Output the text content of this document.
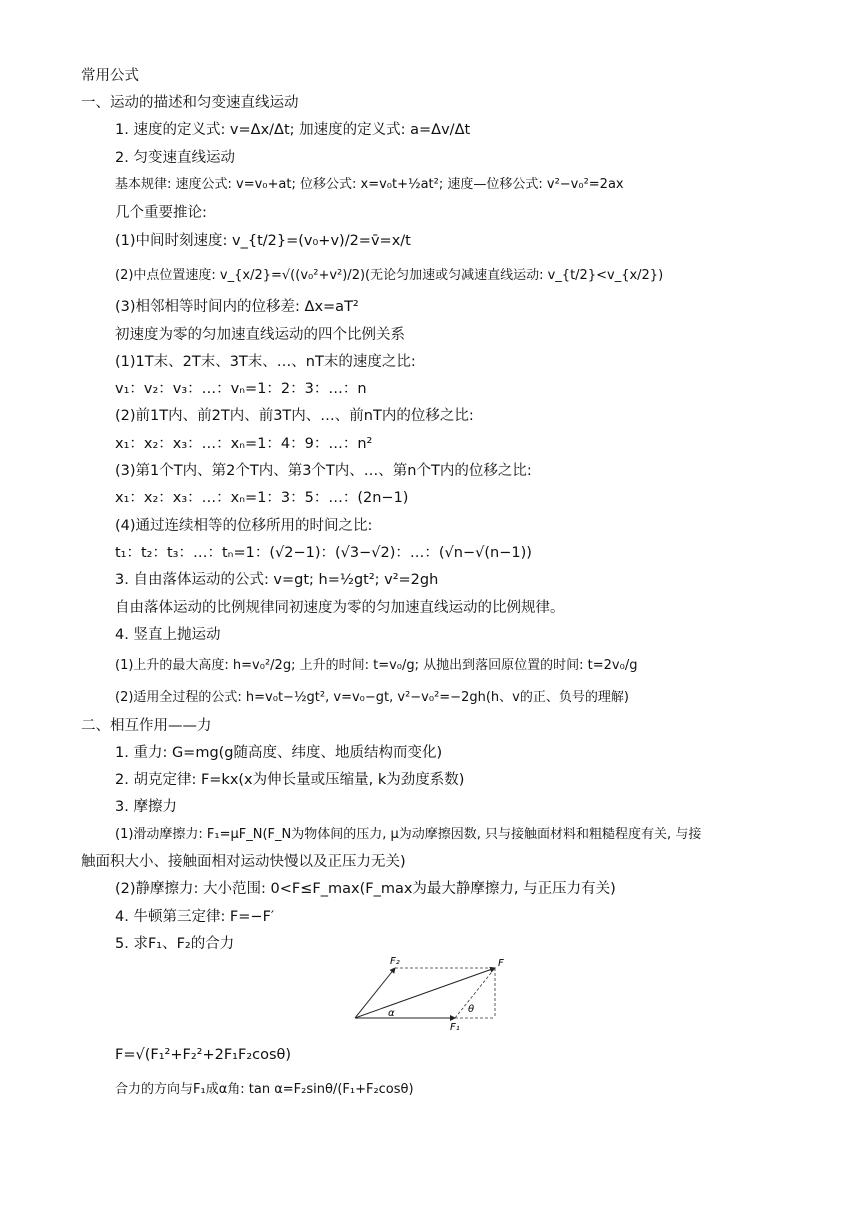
常用公式
一、运动的描述和匀变速直线运动
1. 速度的定义式: v=Δx/Δt; 加速度的定义式: a=Δv/Δt
2. 匀变速直线运动
基本规律: 速度公式: v=v₀+at; 位移公式: x=v₀t+½at²; 速度—位移公式: v²−v₀²=2ax
几个重要推论:
(1)中间时刻速度: v_{t/2}=(v₀+v)/2=v̄=x/t
(2)中点位置速度: v_{x/2}=√((v₀²+v²)/2)(无论匀加速或匀减速直线运动: v_{t/2}<v_{x/2})
(3)相邻相等时间内的位移差: Δx=aT²
初速度为零的匀加速直线运动的四个比例关系
(1)1T末、2T末、3T末、…、nT末的速度之比:
v₁：v₂：v₃：…：vₙ=1：2：3：…：n
(2)前1T内、前2T内、前3T内、…、前nT内的位移之比:
x₁：x₂：x₃：…：xₙ=1：4：9：…：n²
(3)第1个T内、第2个T内、第3个T内、…、第n个T内的位移之比:
x₁：x₂：x₃：…：xₙ=1：3：5：…：(2n−1)
(4)通过连续相等的位移所用的时间之比:
t₁：t₂：t₃：…：tₙ=1：(√2−1)：(√3−√2)：…：(√n−√(n−1))
3. 自由落体运动的公式: v=gt; h=½gt²; v²=2gh
自由落体运动的比例规律同初速度为零的匀加速直线运动的比例规律。
4. 竖直上抛运动
(1)上升的最大高度: h=v₀²/2g; 上升的时间: t=v₀/g; 从抛出到落回原位置的时间: t=2v₀/g
(2)适用全过程的公式: h=v₀t−½gt², v=v₀−gt, v²−v₀²=−2gh(h、v的正、负号的理解)
二、相互作用——力
1. 重力: G=mg(g随高度、纬度、地质结构而变化)
2. 胡克定律: F=kx(x为伸长量或压缩量, k为劲度系数)
3. 摩擦力
(1)滑动摩擦力: F₁=μF_N(F_N为物体间的压力, μ为动摩擦因数, 只与接触面材料和粗糙程度有关, 与接
触面积大小、接触面相对运动快慢以及正压力无关)
(2)静摩擦力: 大小范围: 0<F≤F_max(F_max为最大静摩擦力, 与正压力有关)
4. 牛顿第三定律: F=−F′
5. 求F₁、F₂的合力
F₂	F
F₁
α	θ
F=√(F₁²+F₂²+2F₁F₂cosθ)
合力的方向与F₁成α角: tan α=F₂sinθ/(F₁+F₂cosθ)
